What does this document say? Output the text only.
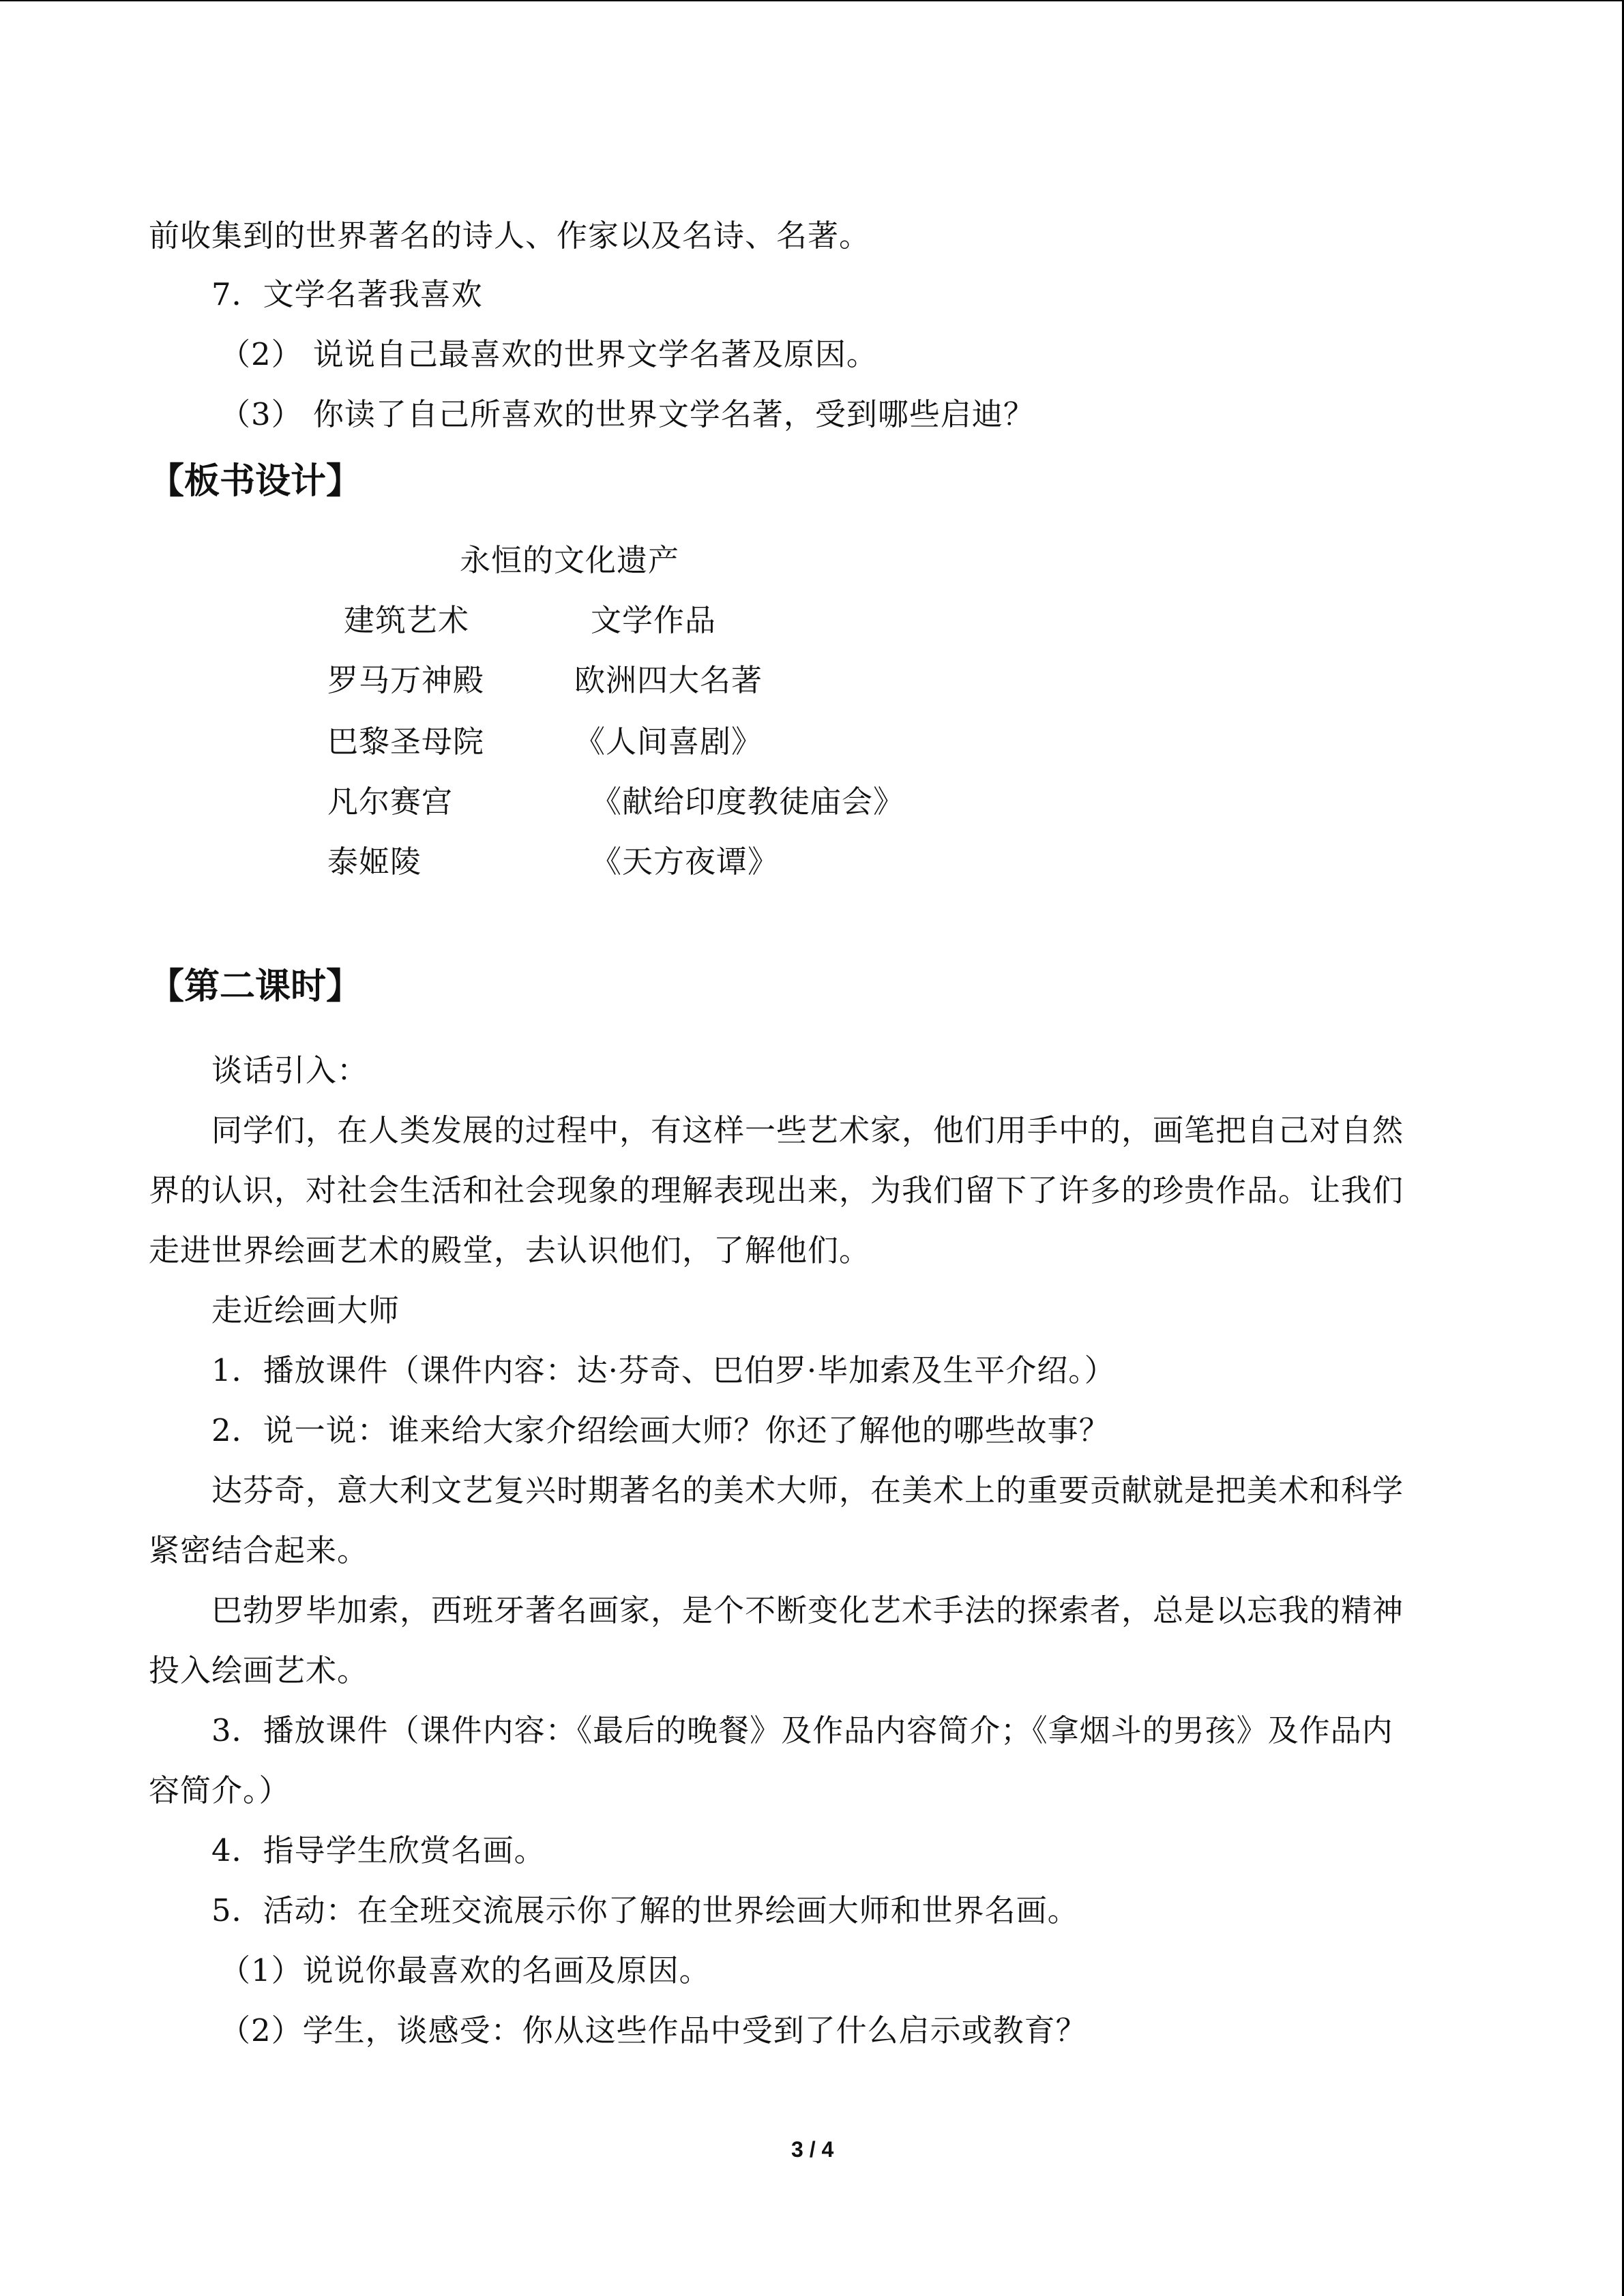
前收集到的世界著名的诗人、作家以及名诗、名著。
7．文学名著我喜欢
（2） 说说自己最喜欢的世界文学名著及原因。
（3） 你读了自己所喜欢的世界文学名著，受到哪些启迪？
【板书设计】
永恒的文化遗产
建筑艺术	文学作品
罗马万神殿	欧洲四大名著
巴黎圣母院	《人间喜剧》
凡尔赛宫	《献给印度教徒庙会》
泰姬陵	《天方夜谭》
【第二课时】
谈话引入：
同学们，在人类发展的过程中，有这样一些艺术家，他们用手中的，画笔把自己对自然
界的认识，对社会生活和社会现象的理解表现出来，为我们留下了许多的珍贵作品。让我们
走进世界绘画艺术的殿堂，去认识他们，了解他们。
走近绘画大师
1．播放课件（课件内容：达·芬奇、巴伯罗·毕加索及生平介绍。）
2．说一说：谁来给大家介绍绘画大师？你还了解他的哪些故事？
达芬奇，意大利文艺复兴时期著名的美术大师，在美术上的重要贡献就是把美术和科学
紧密结合起来。
巴勃罗毕加索，西班牙著名画家，是个不断变化艺术手法的探索者，总是以忘我的精神
投入绘画艺术。
3．播放课件（课件内容：《最后的晚餐》及作品内容简介；《拿烟斗的男孩》及作品内
容简介。）
4．指导学生欣赏名画。
5．活动：在全班交流展示你了解的世界绘画大师和世界名画。
（1）说说你最喜欢的名画及原因。
（2）学生，谈感受：你从这些作品中受到了什么启示或教育？
3 / 4
